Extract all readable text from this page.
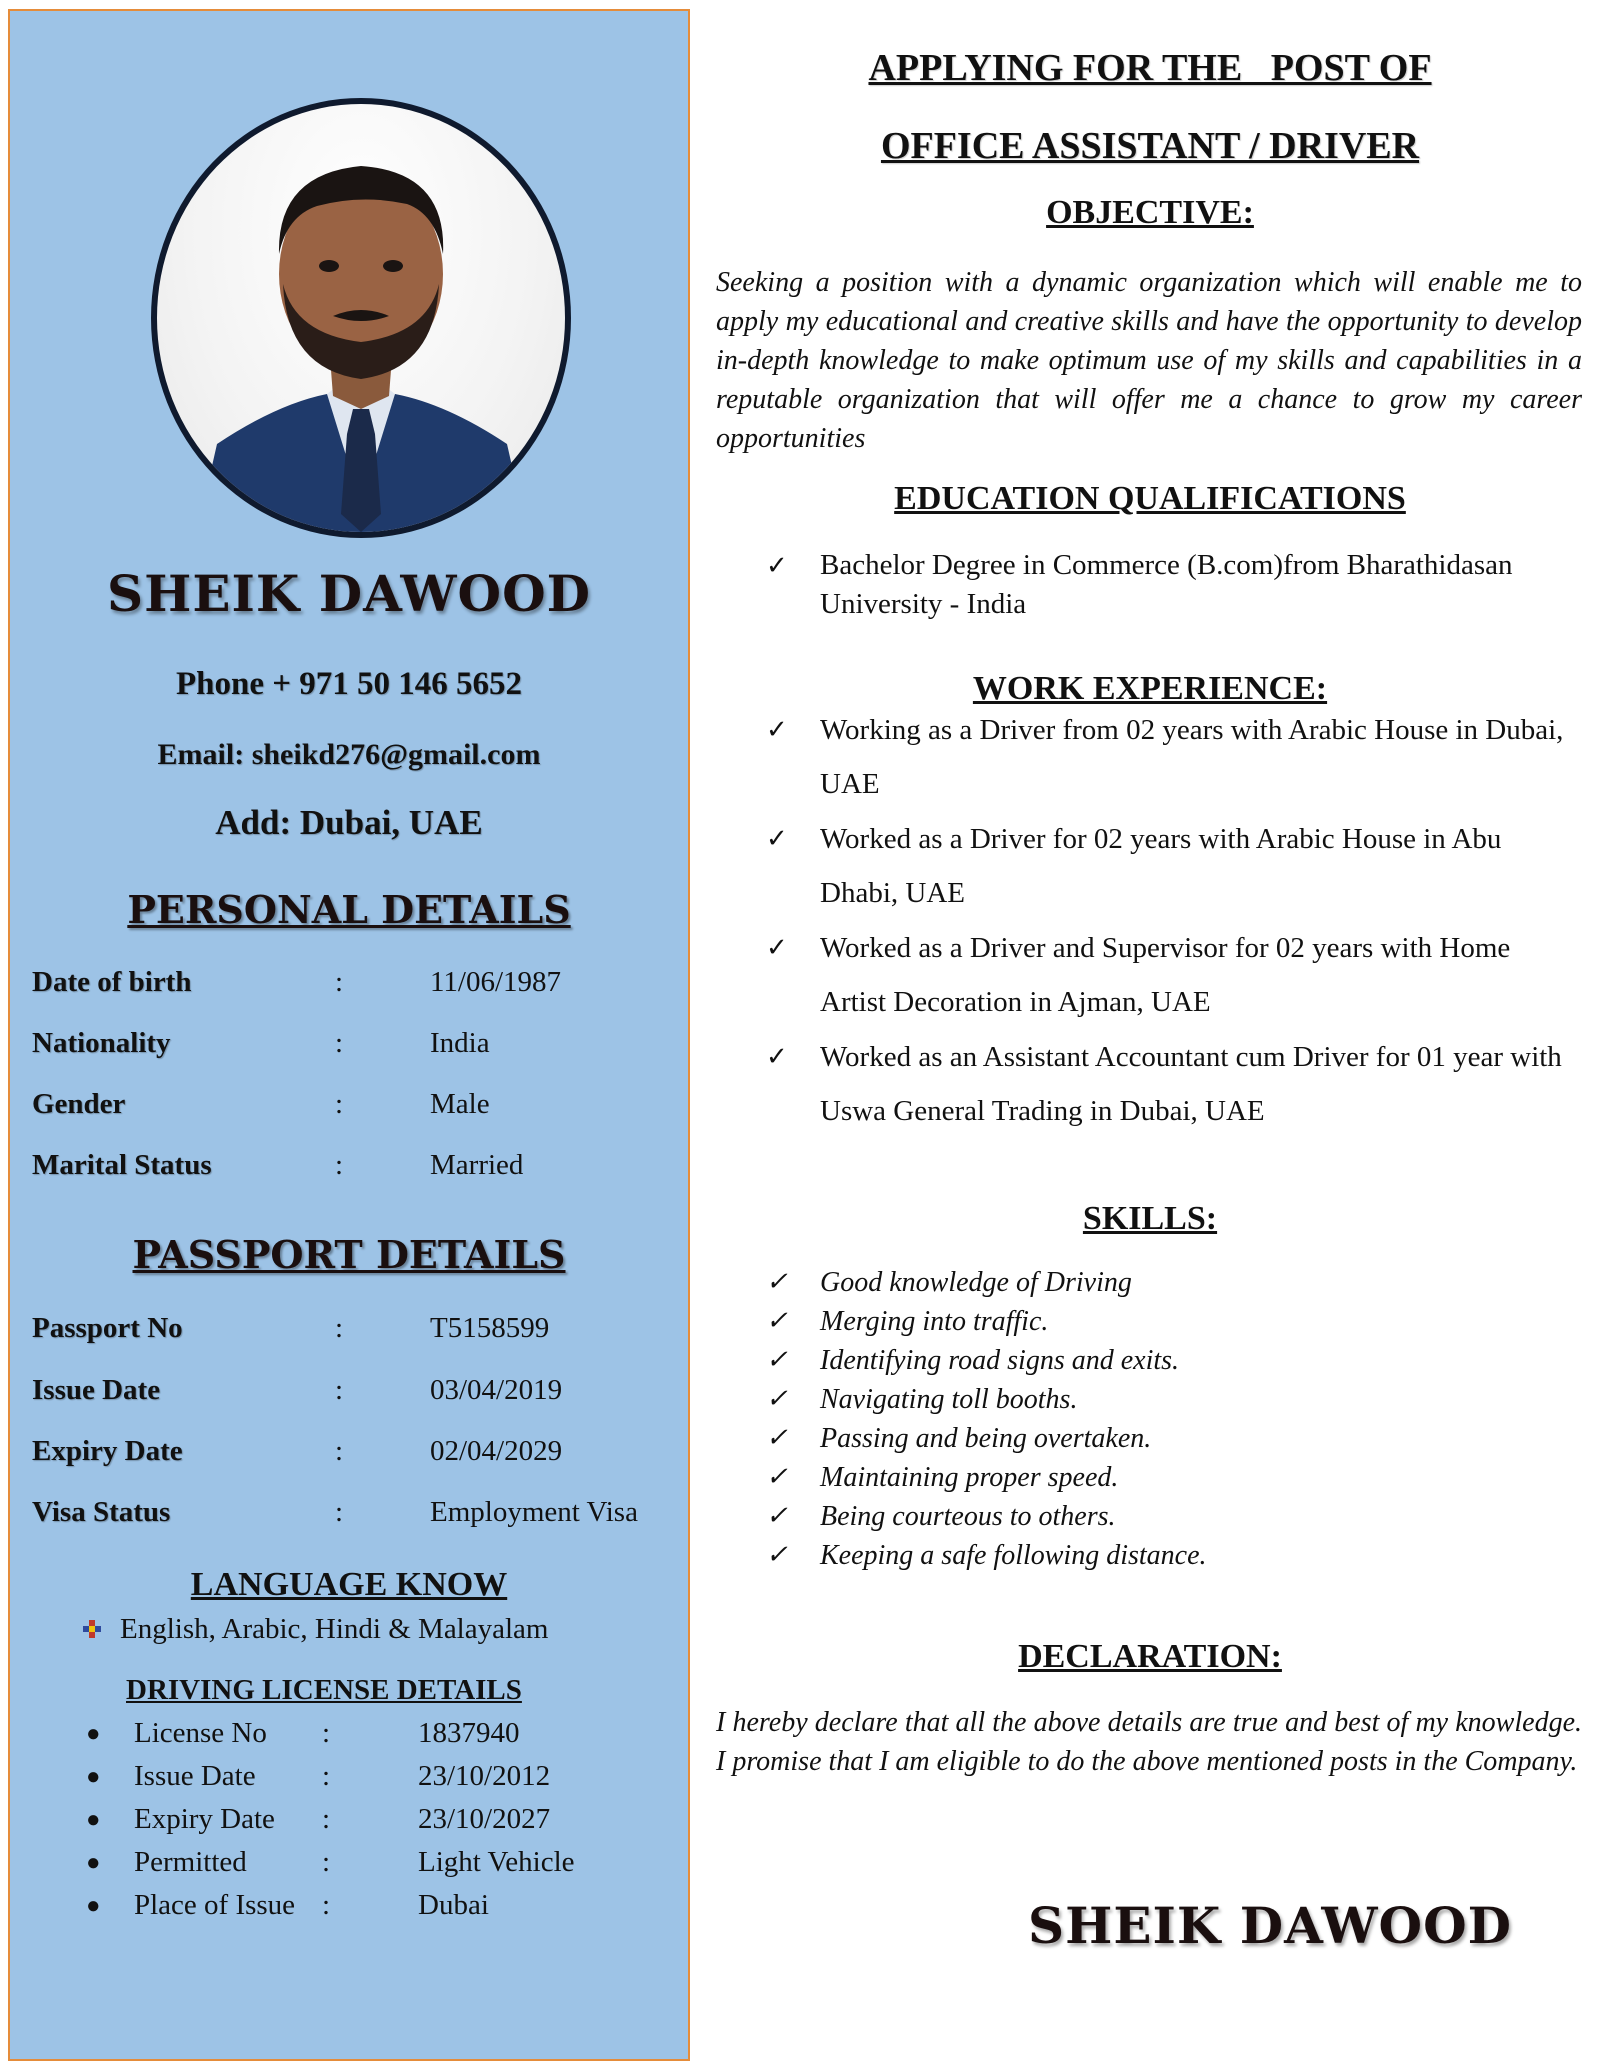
SHEIK DAWOOD
Phone + 971 50 146 5652
Email: sheikd276@gmail.com
Add: Dubai, UAE
PERSONAL DETAILS
Date of birth	:	11/06/1987
Nationality	:	India
Gender	:	Male
Marital Status	:	Married
PASSPORT DETAILS
Passport No	:	T5158599
Issue Date	:	03/04/2019
Expiry Date	:	02/04/2029
Visa Status	:	Employment Visa
LANGUAGE KNOW
English, Arabic, Hindi & Malayalam
DRIVING LICENSE DETAILS
● License No :	1837940
● Issue Date :	23/10/2012
● Expiry Date :	23/10/2027
● Permitted	:	Light Vehicle
● Place of Issue :	Dubai
APPLYING FOR THE   POST OF
OFFICE ASSISTANT / DRIVER
OBJECTIVE:
Seeking a position with a dynamic organization which will enable me to apply my educational and creative skills and have the opportunity to develop in-depth knowledge to make optimum use of my skills and capabilities in a reputable organization that will offer me a chance to grow my career opportunities
EDUCATION QUALIFICATIONS
✓ Bachelor Degree in Commerce (B.com)from Bharathidasan University - India
WORK EXPERIENCE:
✓ Working as a Driver from 02 years with Arabic House in Dubai, UAE
✓ Worked as a Driver for 02 years with Arabic House in Abu Dhabi, UAE
✓ Worked as a Driver and Supervisor for 02 years with Home Artist Decoration in Ajman, UAE
✓ Worked as an Assistant Accountant cum Driver for 01 year with Uswa General Trading in Dubai, UAE
SKILLS:
✓ Good knowledge of Driving
✓ Merging into traffic.
✓ Identifying road signs and exits.
✓ Navigating toll booths.
✓ Passing and being overtaken.
✓ Maintaining proper speed.
✓ Being courteous to others.
✓ Keeping a safe following distance.
DECLARATION:
I hereby declare that all the above details are true and best of my knowledge. I promise that I am eligible to do the above mentioned posts in the Company.
SHEIK DAWOOD
